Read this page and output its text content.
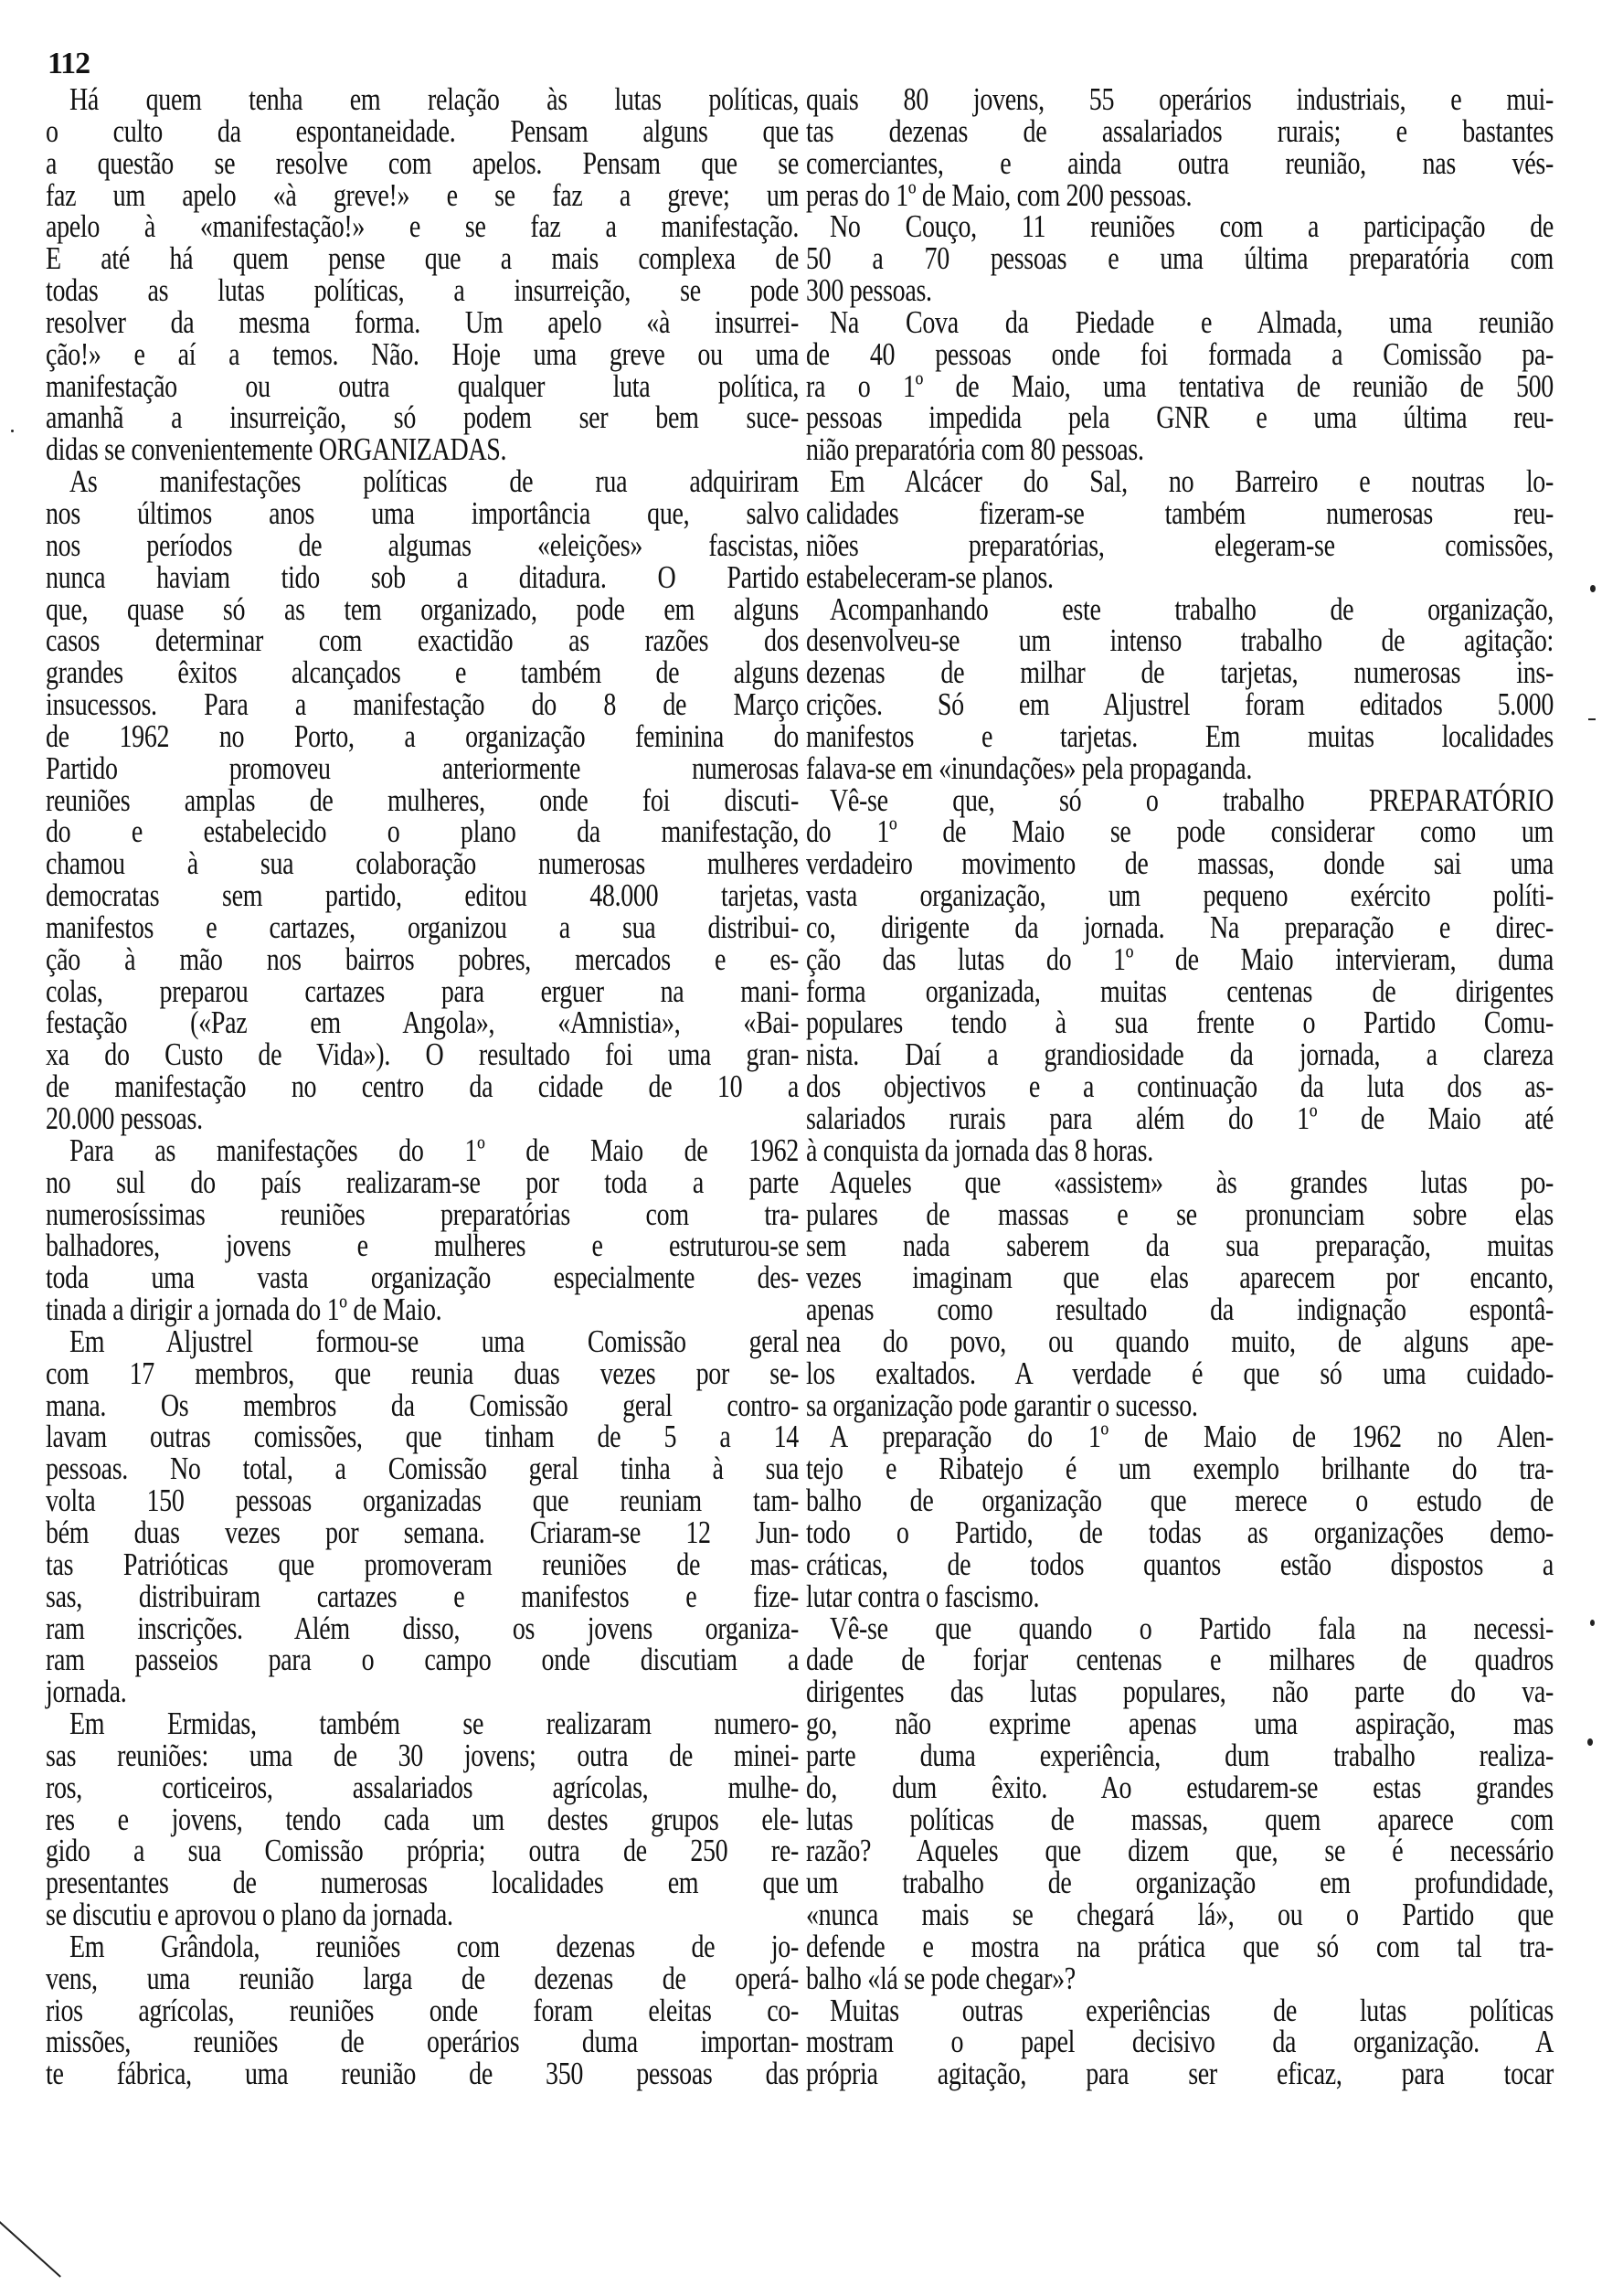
112
Há quem tenha em relação às lutas políticas,
o culto da espontaneidade. Pensam alguns que
a questão se resolve com apelos. Pensam que se
faz um apelo «à greve!» e se faz a greve; um
apelo à «manifestação!» e se faz a manifestação.
E até há quem pense que a mais complexa de
todas as lutas políticas, a insurreição, se pode
resolver da mesma forma. Um apelo «à insurrei-
ção!» e aí a temos. Não. Hoje uma greve ou uma
manifestação ou outra qualquer luta política,
amanhã a insurreição, só podem ser bem suce-
didas se convenientemente ORGANIZADAS.
As manifestações políticas de rua adquiriram
nos últimos anos uma importância que, salvo
nos períodos de algumas «eleições» fascistas,
nunca haviam tido sob a ditadura. O Partido
que, quase só as tem organizado, pode em alguns
casos determinar com exactidão as razões dos
grandes êxitos alcançados e também de alguns
insucessos. Para a manifestação do 8 de Março
de 1962 no Porto, a organização feminina do
Partido promoveu anteriormente numerosas
reuniões amplas de mulheres, onde foi discuti-
do e estabelecido o plano da manifestação,
chamou à sua colaboração numerosas mulheres
democratas sem partido, editou 48.000 tarjetas,
manifestos e cartazes, organizou a sua distribui-
ção à mão nos bairros pobres, mercados e es-
colas, preparou cartazes para erguer na mani-
festação («Paz em Angola», «Amnistia», «Bai-
xa do Custo de Vida»). O resultado foi uma gran-
de manifestação no centro da cidade de 10 a
20.000 pessoas.
Para as manifestações do 1º de Maio de 1962
no sul do país realizaram-se por toda a parte
numerosíssimas reuniões preparatórias com tra-
balhadores, jovens e mulheres e estruturou-se
toda uma vasta organização especialmente des-
tinada a dirigir a jornada do 1º de Maio.
Em Aljustrel formou-se uma Comissão geral
com 17 membros, que reunia duas vezes por se-
mana. Os membros da Comissão geral contro-
lavam outras comissões, que tinham de 5 a 14
pessoas. No total, a Comissão geral tinha à sua
volta 150 pessoas organizadas que reuniam tam-
bém duas vezes por semana. Criaram-se 12 Jun-
tas Patrióticas que promoveram reuniões de mas-
sas, distribuiram cartazes e manifestos e fize-
ram inscrições. Além disso, os jovens organiza-
ram passeios para o campo onde discutiam a
jornada.
Em Ermidas, também se realizaram numero-
sas reuniões: uma de 30 jovens; outra de minei-
ros, corticeiros, assalariados agrícolas, mulhe-
res e jovens, tendo cada um destes grupos ele-
gido a sua Comissão própria; outra de 250 re-
presentantes de numerosas localidades em que
se discutiu e aprovou o plano da jornada.
Em Grândola, reuniões com dezenas de jo-
vens, uma reunião larga de dezenas de operá-
rios agrícolas, reuniões onde foram eleitas co-
missões, reuniões de operários duma importan-
te fábrica, uma reunião de 350 pessoas das
quais 80 jovens, 55 operários industriais, e mui-
tas dezenas de assalariados rurais; e bastantes
comerciantes, e ainda outra reunião, nas vés-
peras do 1º de Maio, com 200 pessoas.
No Couço, 11 reuniões com a participação de
50 a 70 pessoas e uma última preparatória com
300 pessoas.
Na Cova da Piedade e Almada, uma reunião
de 40 pessoas onde foi formada a Comissão pa-
ra o 1º de Maio, uma tentativa de reunião de 500
pessoas impedida pela GNR e uma última reu-
nião preparatória com 80 pessoas.
Em Alcácer do Sal, no Barreiro e noutras lo-
calidades fizeram-se também numerosas reu-
niões preparatórias, elegeram-se comissões,
estabeleceram-se planos.
Acompanhando este trabalho de organização,
desenvolveu-se um intenso trabalho de agitação:
dezenas de milhar de tarjetas, numerosas ins-
crições. Só em Aljustrel foram editados 5.000
manifestos e tarjetas. Em muitas localidades
falava-se em «inundações» pela propaganda.
Vê-se que, só o trabalho PREPARATÓRIO
do 1º de Maio se pode considerar como um
verdadeiro movimento de massas, donde sai uma
vasta organização, um pequeno exército políti-
co, dirigente da jornada. Na preparação e direc-
ção das lutas do 1º de Maio intervieram, duma
forma organizada, muitas centenas de dirigentes
populares tendo à sua frente o Partido Comu-
nista. Daí a grandiosidade da jornada, a clareza
dos objectivos e a continuação da luta dos as-
salariados rurais para além do 1º de Maio até
à conquista da jornada das 8 horas.
Aqueles que «assistem» às grandes lutas po-
pulares de massas e se pronunciam sobre elas
sem nada saberem da sua preparação, muitas
vezes imaginam que elas aparecem por encanto,
apenas como resultado da indignação espontâ-
nea do povo, ou quando muito, de alguns ape-
los exaltados. A verdade é que só uma cuidado-
sa organização pode garantir o sucesso.
A preparação do 1º de Maio de 1962 no Alen-
tejo e Ribatejo é um exemplo brilhante do tra-
balho de organização que merece o estudo de
todo o Partido, de todas as organizações demo-
cráticas, de todos quantos estão dispostos a
lutar contra o fascismo.
Vê-se que quando o Partido fala na necessi-
dade de forjar centenas e milhares de quadros
dirigentes das lutas populares, não parte do va-
go, não exprime apenas uma aspiração, mas
parte duma experiência, dum trabalho realiza-
do, dum êxito. Ao estudarem-se estas grandes
lutas políticas de massas, quem aparece com
razão? Aqueles que dizem que, se é necessário
um trabalho de organização em profundidade,
«nunca mais se chegará lá», ou o Partido que
defende e mostra na prática que só com tal tra-
balho «lá se pode chegar»?
Muitas outras experiências de lutas políticas
mostram o papel decisivo da organização. A
própria agitação, para ser eficaz, para tocar
